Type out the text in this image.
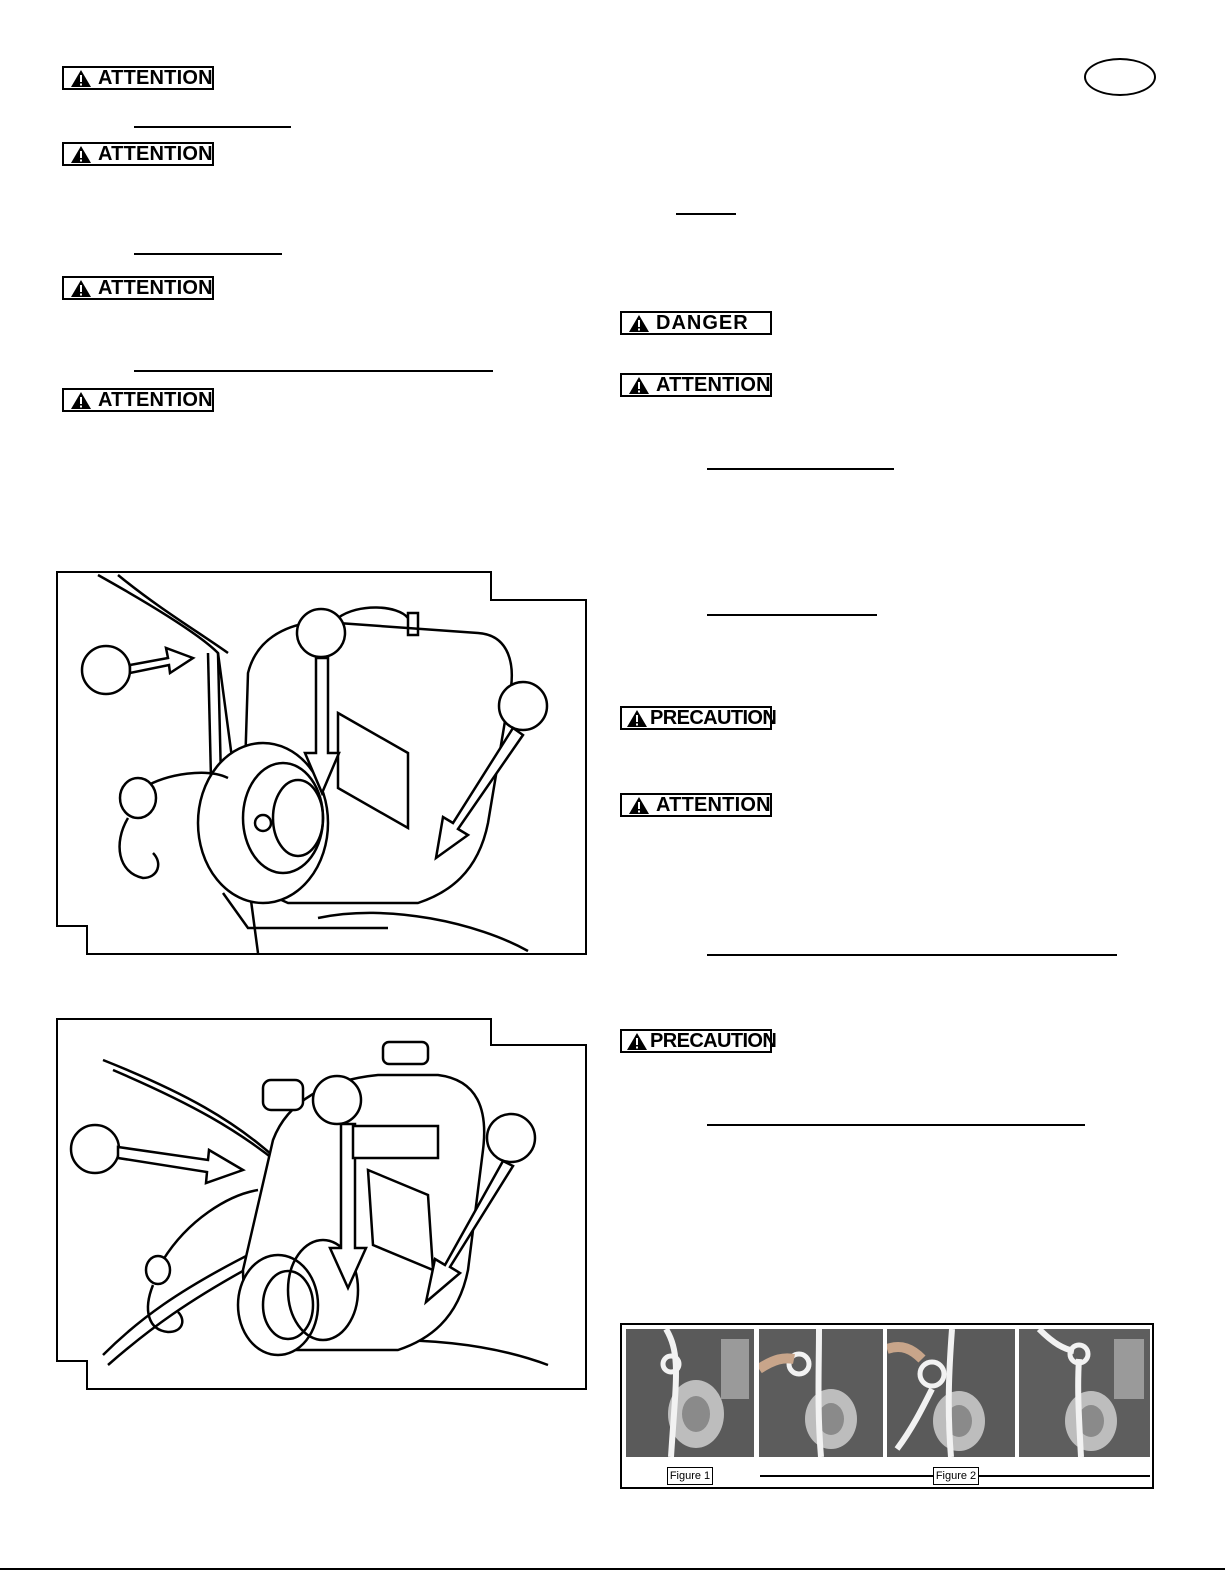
ATTENTION
ATTENTION
ATTENTION
ATTENTION
DANGER
ATTENTION
PRECAUTION
ATTENTION
PRECAUTION
Figure 1	Figure 2
